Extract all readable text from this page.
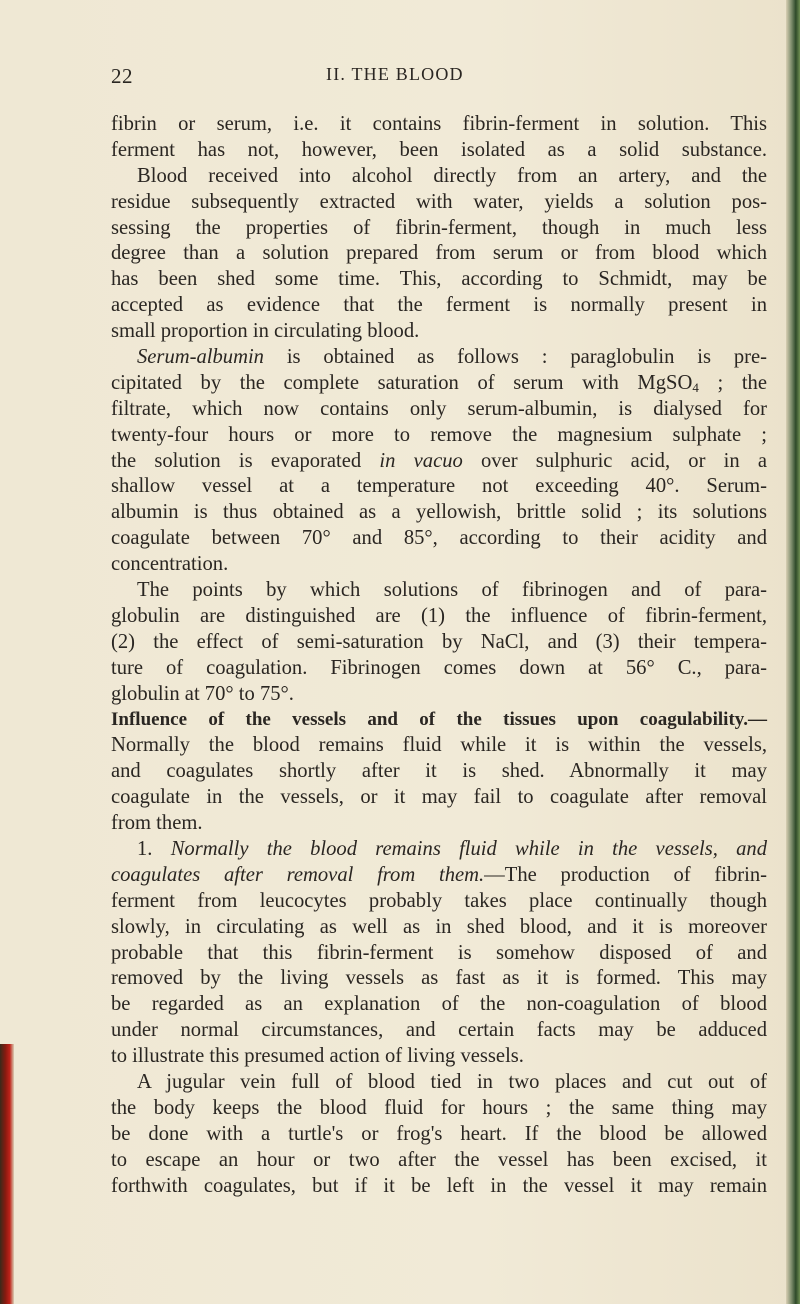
22	II. THE BLOOD
fibrin or serum, i.e. it contains fibrin-ferment in solution. This
ferment has not, however, been isolated as a solid substance.
Blood received into alcohol directly from an artery, and the
residue subsequently extracted with water, yields a solution pos-
sessing the properties of fibrin-ferment, though in much less
degree than a solution prepared from serum or from blood which
has been shed some time. This, according to Schmidt, may be
accepted as evidence that the ferment is normally present in
small proportion in circulating blood.
Serum-albumin is obtained as follows : paraglobulin is pre-
cipitated by the complete saturation of serum with MgSO$_4$ ; the
filtrate, which now contains only serum-albumin, is dialysed for
twenty-four hours or more to remove the magnesium sulphate ;
the solution is evaporated in vacuo over sulphuric acid, or in a
shallow vessel at a temperature not exceeding 40°. Serum-
albumin is thus obtained as a yellowish, brittle solid ; its solutions
coagulate between 70° and 85°, according to their acidity and
concentration.
The points by which solutions of fibrinogen and of para-
globulin are distinguished are (1) the influence of fibrin-ferment,
(2) the effect of semi-saturation by NaCl, and (3) their tempera-
ture of coagulation. Fibrinogen comes down at 56° C., para-
globulin at 70° to 75°.
Influence of the vessels and of the tissues upon coagulability.—
Normally the blood remains fluid while it is within the vessels,
and coagulates shortly after it is shed. Abnormally it may
coagulate in the vessels, or it may fail to coagulate after removal
from them.
1. Normally the blood remains fluid while in the vessels, and
coagulates after removal from them.—The production of fibrin-
ferment from leucocytes probably takes place continually though
slowly, in circulating as well as in shed blood, and it is moreover
probable that this fibrin-ferment is somehow disposed of and
removed by the living vessels as fast as it is formed. This may
be regarded as an explanation of the non-coagulation of blood
under normal circumstances, and certain facts may be adduced
to illustrate this presumed action of living vessels.
A jugular vein full of blood tied in two places and cut out of
the body keeps the blood fluid for hours ; the same thing may
be done with a turtle's or frog's heart. If the blood be allowed
to escape an hour or two after the vessel has been excised, it
forthwith coagulates, but if it be left in the vessel it may remain
